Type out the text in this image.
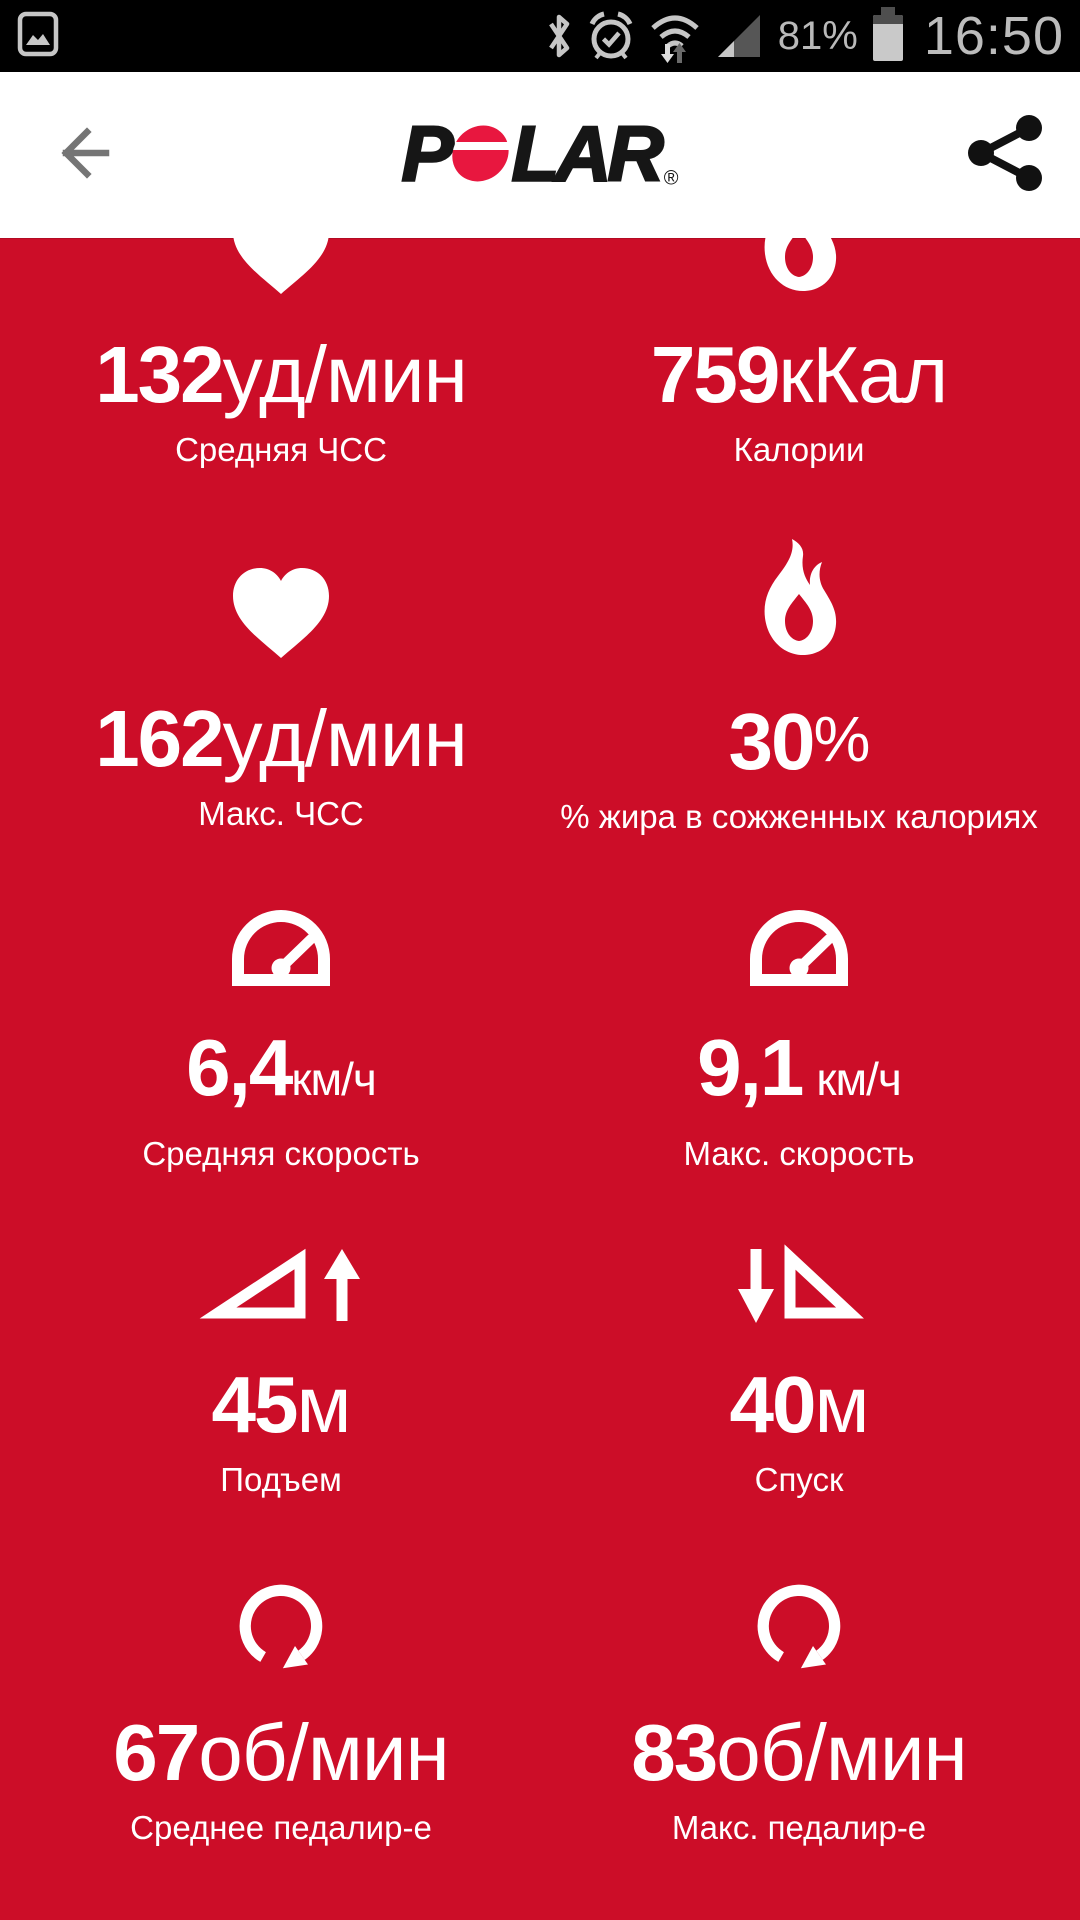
81% 16:50
P LAR ®
132уд/мин
Средняя ЧСС
759кКал
Калории
162уд/мин
Макс. ЧСС
30%
% жира в сожженных калориях
6,4км/ч
Средняя скорость
9,1 км/ч
Макс. скорость
45м
Подъем
40м
Спуск
67об/мин
Среднее педалир-е
83об/мин
Макс. педалир-е
